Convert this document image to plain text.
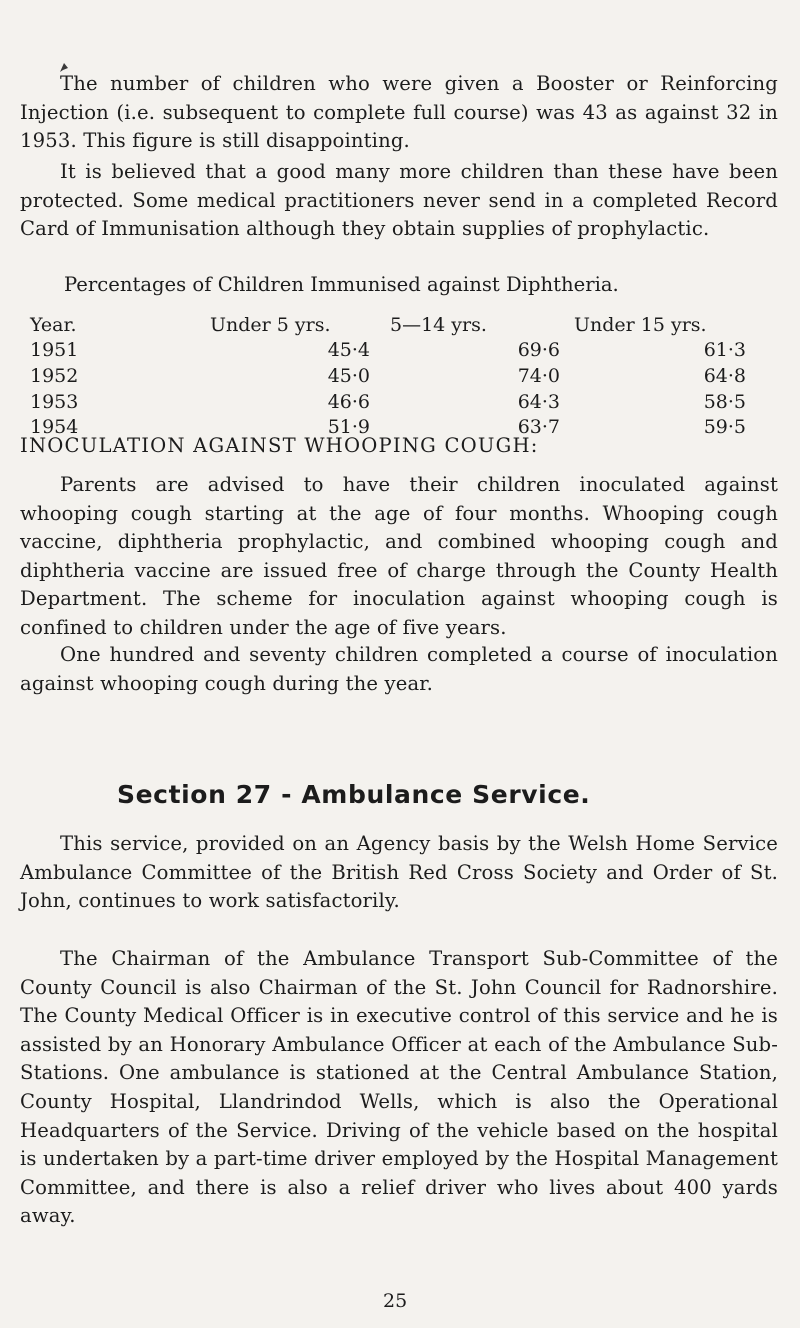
The number of children who were given a Booster or Reinforcing Injection (i.e. subsequent to complete full course) was 43 as against 32 in 1953. This figure is still disappointing.

It is believed that a good many more children than these have been protected. Some medical practitioners never send in a completed Record Card of Immunisation although they obtain supplies of prophylactic.

Percentages of Children Immunised against Diphtheria.

Year.	Under 5 yrs.	5—14 yrs.	Under 15 yrs.
1951	45·4	69·6	61·3
1952	45·0	74·0	64·8
1953	46·6	64·3	58·5
1954	51·9	63·7	59·5

INOCULATION AGAINST WHOOPING COUGH:

Parents are advised to have their children inoculated against whooping cough starting at the age of four months. Whooping cough vaccine, diphtheria prophylactic, and combined whooping cough and diphtheria vaccine are issued free of charge through the County Health Department. The scheme for inoculation against whooping cough is confined to children under the age of five years.

One hundred and seventy children completed a course of inoculation against whooping cough during the year.

Section 27 - Ambulance Service.

This service, provided on an Agency basis by the Welsh Home Service Ambulance Committee of the British Red Cross Society and Order of St. John, continues to work satisfactorily.

The Chairman of the Ambulance Transport Sub-Committee of the County Council is also Chairman of the St. John Council for Radnorshire. The County Medical Officer is in executive control of this service and he is assisted by an Honorary Ambulance Officer at each of the Ambulance Sub-Stations. One ambulance is stationed at the Central Ambulance Station, County Hospital, Llandrindod Wells, which is also the Operational Headquarters of the Service. Driving of the vehicle based on the hospital is undertaken by a part-time driver employed by the Hospital Management Committee, and there is also a relief driver who lives about 400 yards away.

25
